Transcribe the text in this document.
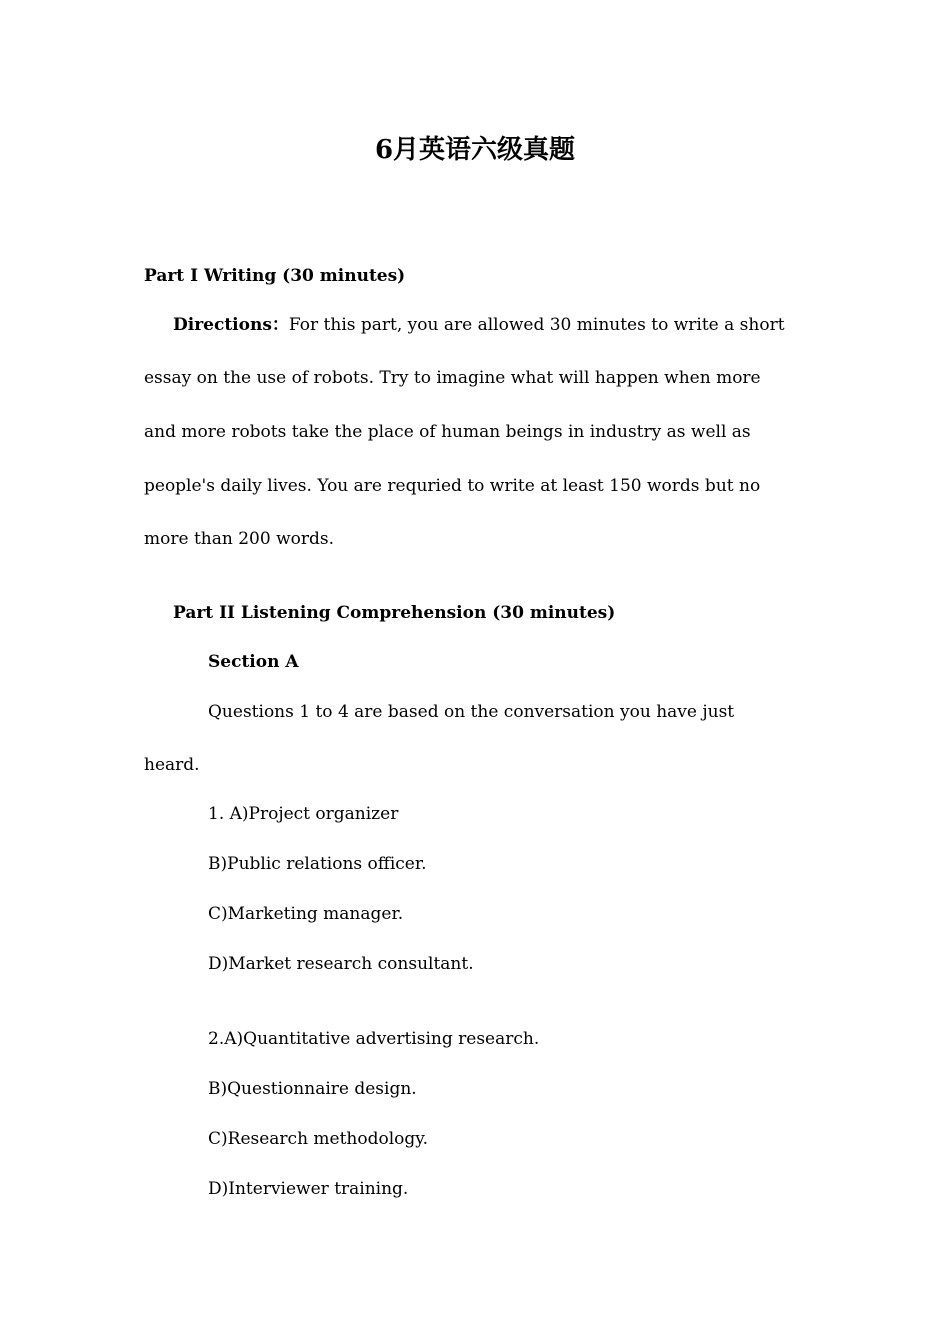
6月英语六级真题
Part I Writing (30 minutes)
Directions：For this part, you are allowed 30 minutes to write a short
essay on the use of robots. Try to imagine what will happen when more
and more robots take the place of human beings in industry as well as
people's daily lives. You are requried to write at least 150 words but no
more than 200 words.
Part II Listening Comprehension (30 minutes)
Section A
Questions 1 to 4 are based on the conversation you have just
heard.
1. A)Project organizer
B)Public relations officer.
C)Marketing manager.
D)Market research consultant.
2.A)Quantitative advertising research.
B)Questionnaire design.
C)Research methodology.
D)Interviewer training.
